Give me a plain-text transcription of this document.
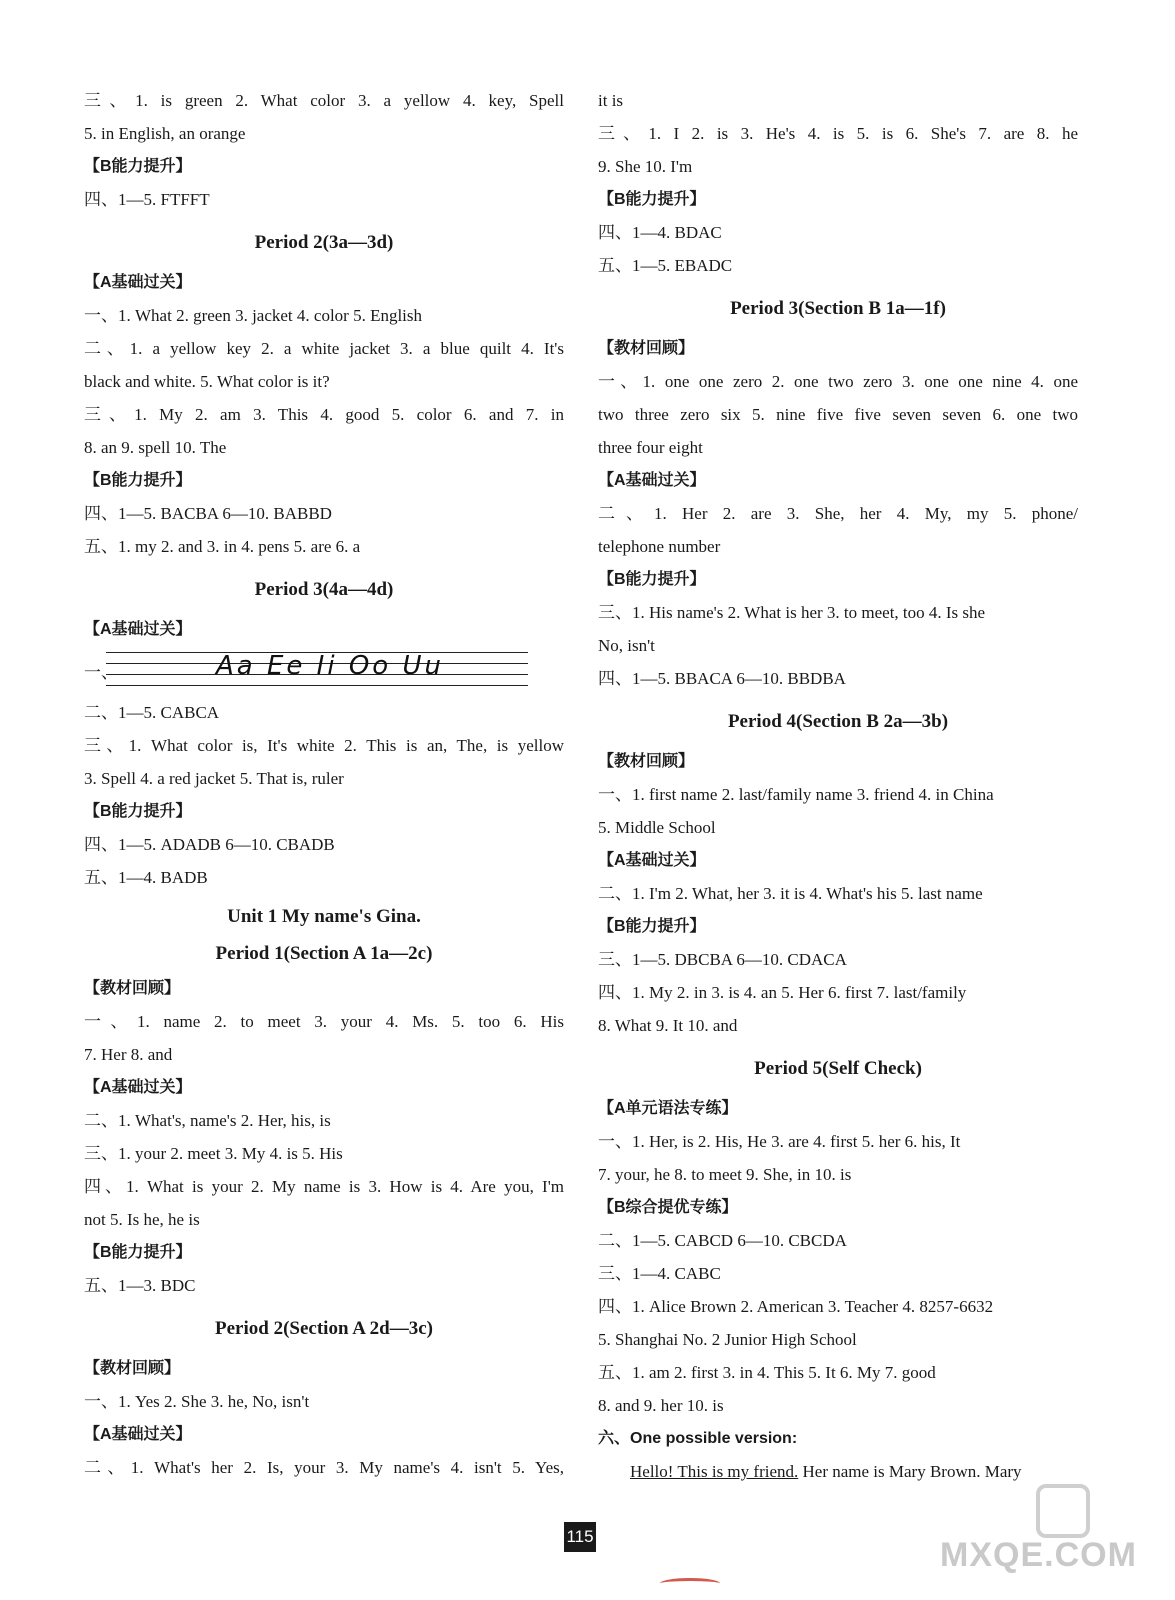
三、1. is green 2. What color 3. a yellow 4. key, Spell
5. in English, an orange
【B能力提升】
四、1—5. FTFFT
Period 2(3a—3d)
【A基础过关】
一、1. What 2. green 3. jacket 4. color 5. English
二、1. a yellow key 2. a white jacket 3. a blue quilt 4. It's
black and white. 5. What color is it?
三、1. My 2. am 3. This 4. good 5. color 6. and 7. in
8. an 9. spell 10. The
【B能力提升】
四、1—5. BACBA 6—10. BABBD
五、1. my 2. and 3. in 4. pens 5. are 6. a
Period 3(4a—4d)
【A基础过关】
一、	Aa Ee Ii Oo Uu
二、1—5. CABCA
三、1. What color is, It's white 2. This is an, The, is yellow
3. Spell 4. a red jacket 5. That is, ruler
【B能力提升】
四、1—5. ADADB 6—10. CBADB
五、1—4. BADB
Unit 1 My name's Gina.
Period 1(Section A 1a—2c)
【教材回顾】
一、1. name 2. to meet 3. your 4. Ms. 5. too 6. His
7. Her 8. and
【A基础过关】
二、1. What's, name's 2. Her, his, is
三、1. your 2. meet 3. My 4. is 5. His
四、1. What is your 2. My name is 3. How is 4. Are you, I'm
not 5. Is he, he is
【B能力提升】
五、1—3. BDC
Period 2(Section A 2d—3c)
【教材回顾】
一、1. Yes 2. She 3. he, No, isn't
【A基础过关】
二、1. What's her 2. Is, your 3. My name's 4. isn't 5. Yes,
it is
三、1. I 2. is 3. He's 4. is 5. is 6. She's 7. are 8. he
9. She 10. I'm
【B能力提升】
四、1—4. BDAC
五、1—5. EBADC
Period 3(Section B 1a—1f)
【教材回顾】
一、1. one one zero 2. one two zero 3. one one nine 4. one
two three zero six 5. nine five five seven seven 6. one two
three four eight
【A基础过关】
二、1. Her 2. are 3. She, her 4. My, my 5. phone/
telephone number
【B能力提升】
三、1. His name's 2. What is her 3. to meet, too 4. Is she
No, isn't
四、1—5. BBACA 6—10. BBDBA
Period 4(Section B 2a—3b)
【教材回顾】
一、1. first name 2. last/family name 3. friend 4. in China
5. Middle School
【A基础过关】
二、1. I'm 2. What, her 3. it is 4. What's his 5. last name
【B能力提升】
三、1—5. DBCBA 6—10. CDACA
四、1. My 2. in 3. is 4. an 5. Her 6. first 7. last/family
8. What 9. It 10. and
Period 5(Self Check)
【A单元语法专练】
一、1. Her, is 2. His, He 3. are 4. first 5. her 6. his, It
7. your, he 8. to meet 9. She, in 10. is
【B综合提优专练】
二、1—5. CABCD 6—10. CBCDA
三、1—4. CABC
四、1. Alice Brown 2. American 3. Teacher 4. 8257-6632
5. Shanghai No. 2 Junior High School
五、1. am 2. first 3. in 4. This 5. It 6. My 7. good
8. and 9. her 10. is
六、One possible version:
Hello! This is my friend. Her name is Mary Brown. Mary
115	MXQE.COM
